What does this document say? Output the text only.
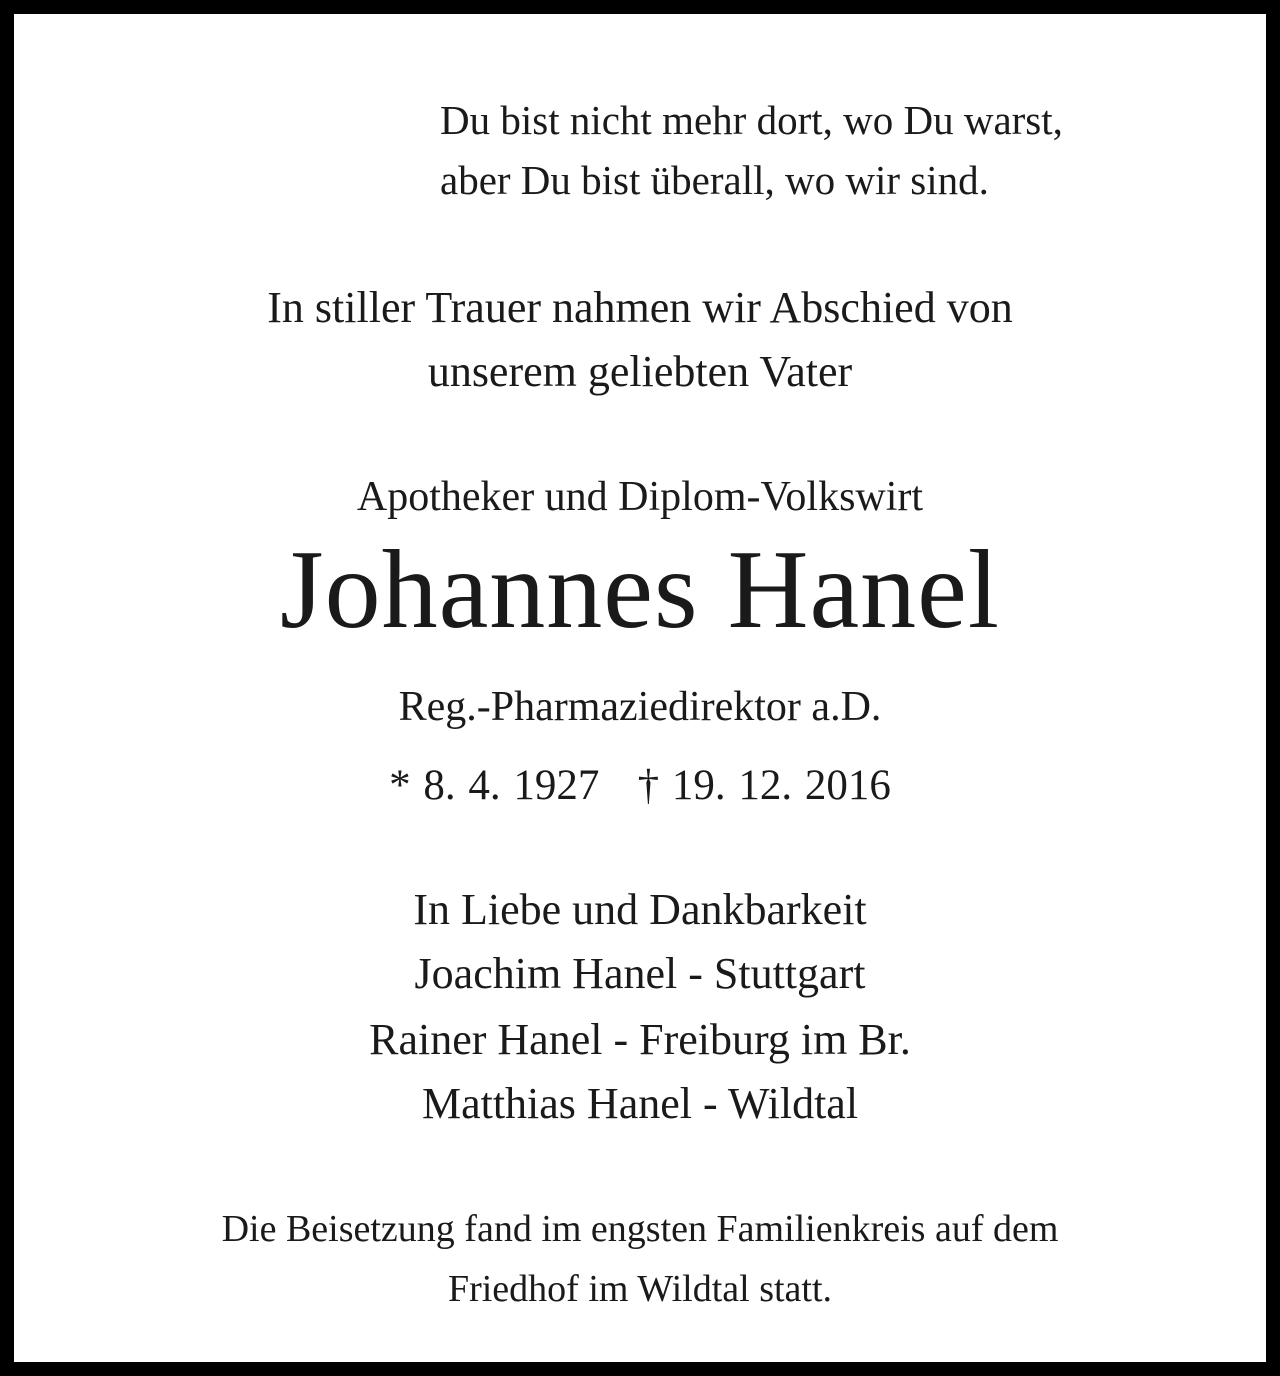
Du bist nicht mehr dort, wo Du warst,
aber Du bist überall, wo wir sind.
In stiller Trauer nahmen wir Abschied von
unserem geliebten Vater
Apotheker und Diplom-Volkswirt
Johannes Hanel
Reg.-Pharmaziedirektor a.D.
* 8. 4. 1927   † 19. 12. 2016
In Liebe und Dankbarkeit
Joachim Hanel - Stuttgart
Rainer Hanel - Freiburg im Br.
Matthias Hanel - Wildtal
Die Beisetzung fand im engsten Familienkreis auf dem
Friedhof im Wildtal statt.
